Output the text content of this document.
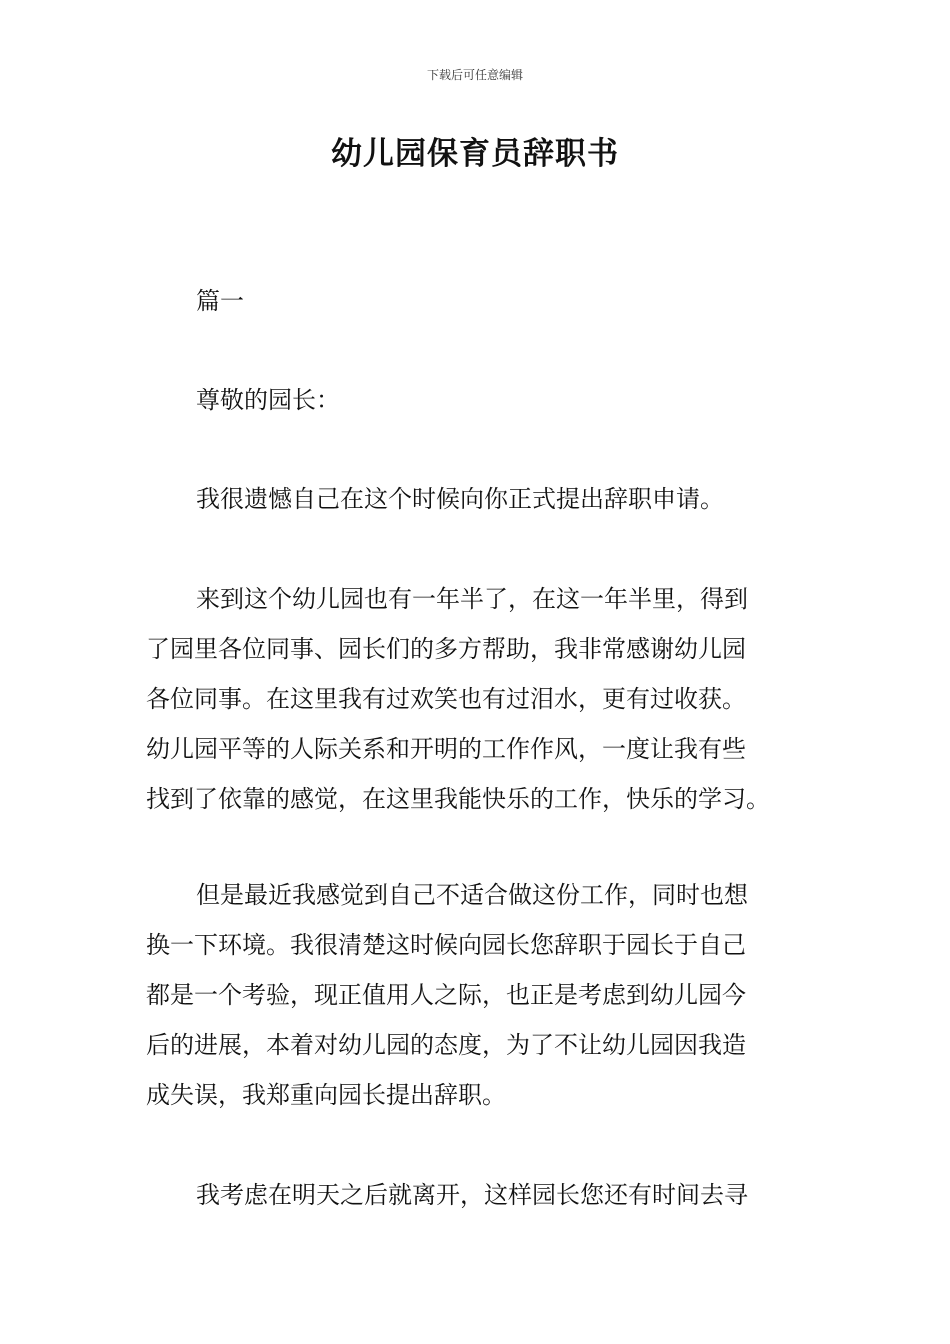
下载后可任意编辑
幼儿园保育员辞职书

篇一

尊敬的园长：

我很遗憾自己在这个时候向你正式提出辞职申请。

来到这个幼儿园也有一年半了，在这一年半里，得到
了园里各位同事、园长们的多方帮助，我非常感谢幼儿园
各位同事。在这里我有过欢笑也有过泪水，更有过收获。
幼儿园平等的人际关系和开明的工作作风，一度让我有些
找到了依靠的感觉，在这里我能快乐的工作，快乐的学习。
但是最近我感觉到自己不适合做这份工作，同时也想
换一下环境。我很清楚这时候向园长您辞职于园长于自己
都是一个考验，现正值用人之际，也正是考虑到幼儿园今
后的进展，本着对幼儿园的态度，为了不让幼儿园因我造
成失误，我郑重向园长提出辞职。
我考虑在明天之后就离开，这样园长您还有时间去寻
